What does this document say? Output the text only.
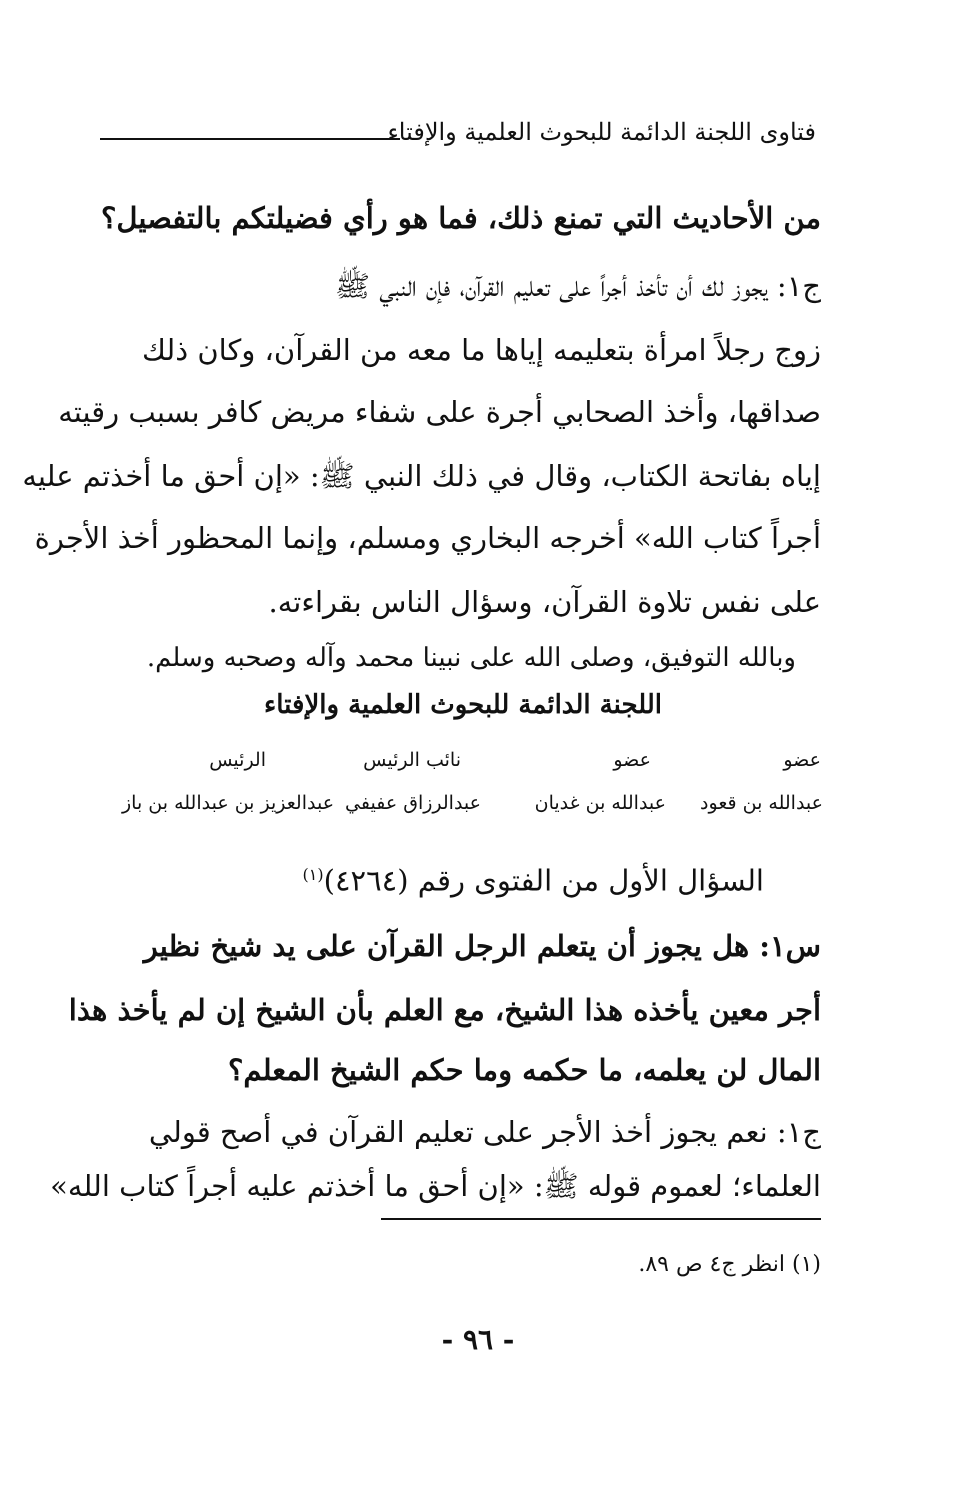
فتاوى اللجنة الدائمة للبحوث العلمية والإفتاء
من الأحاديث التي تمنع ذلك، فما هو رأي فضيلتكم بالتفصيل؟
ج١: يجوز لك أن تأخذ أجراً على تعليم القرآن، فإن النبي ﷺ
زوج رجلاً امرأة بتعليمه إياها ما معه من القرآن، وكان ذلك
صداقها، وأخذ الصحابي أجرة على شفاء مريض كافر بسبب رقيته
إياه بفاتحة الكتاب، وقال في ذلك النبي ﷺ: «إن أحق ما أخذتم عليه
أجراً كتاب الله» أخرجه البخاري ومسلم، وإنما المحظور أخذ الأجرة
على نفس تلاوة القرآن، وسؤال الناس بقراءته.
وبالله التوفيق، وصلى الله على نبينا محمد وآله وصحبه وسلم.
اللجنة الدائمة للبحوث العلمية والإفتاء
عضو
عضو
نائب الرئيس
الرئيس
عبدالله بن قعود
عبدالله بن غديان
عبدالرزاق عفيفي
عبدالعزيز بن عبدالله بن باز
السؤال الأول من الفتوى رقم (٤٢٦٤)$^{(١)}$
س١: هل يجوز أن يتعلم الرجل القرآن على يد شيخ نظير
أجر معين يأخذه هذا الشيخ، مع العلم بأن الشيخ إن لم يأخذ هذا
المال لن يعلمه، ما حكمه وما حكم الشيخ المعلم؟
ج١: نعم يجوز أخذ الأجر على تعليم القرآن في أصح قولي
العلماء؛ لعموم قوله ﷺ: «إن أحق ما أخذتم عليه أجراً كتاب الله»
(١) انظر ج٤ ص ٨٩.
- ٩٦ -
